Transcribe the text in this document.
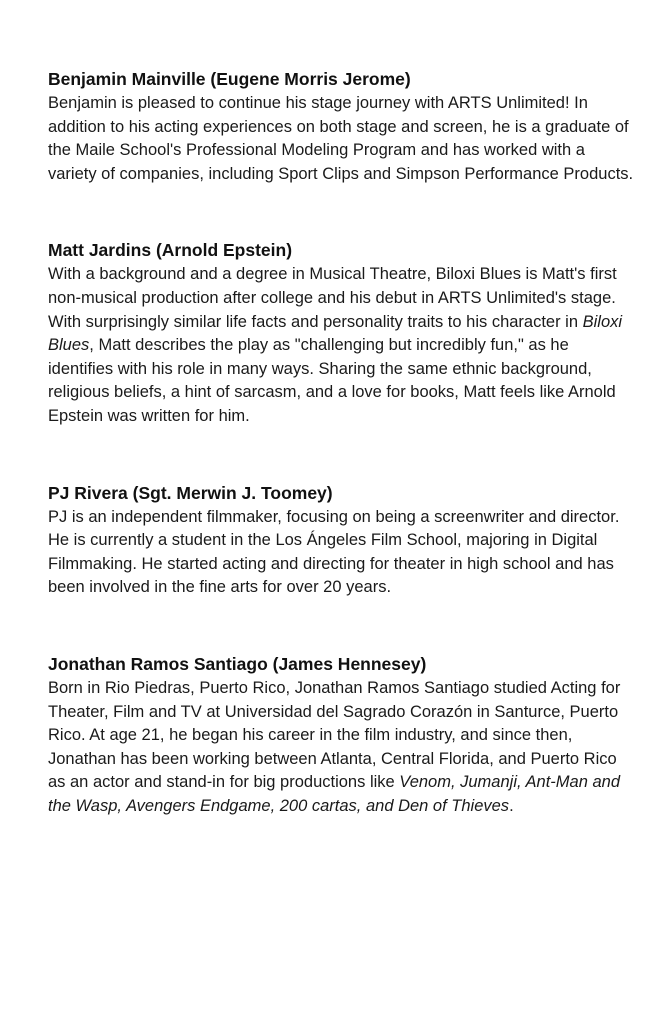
Benjamin Mainville (Eugene Morris Jerome)

Benjamin is pleased to continue his stage journey with ARTS Unlimited! In addition to his acting experiences on both stage and screen, he is a graduate of the Maile School's Professional Modeling Program and has worked with a variety of companies, including Sport Clips and Simpson Performance Products.

Matt Jardins (Arnold Epstein)

With a background and a degree in Musical Theatre, Biloxi Blues is Matt's first non-musical production after college and his debut in ARTS Unlimited's stage. With surprisingly similar life facts and personality traits to his character in Biloxi Blues, Matt describes the play as "challenging but incredibly fun," as he identifies with his role in many ways. Sharing the same ethnic background, religious beliefs, a hint of sarcasm, and a love for books, Matt feels like Arnold Epstein was written for him.

PJ Rivera (Sgt. Merwin J. Toomey)

PJ is an independent filmmaker, focusing on being a screenwriter and director. He is currently a student in the Los Ángeles Film School, majoring in Digital Filmmaking. He started acting and directing for theater in high school and has been involved in the fine arts for over 20 years.

Jonathan Ramos Santiago (James Hennesey)

Born in Rio Piedras, Puerto Rico, Jonathan Ramos Santiago studied Acting for Theater, Film and TV at Universidad del Sagrado Corazón in Santurce, Puerto Rico. At age 21, he began his career in the film industry, and since then, Jonathan has been working between Atlanta, Central Florida, and Puerto Rico as an actor and stand-in for big productions like Venom, Jumanji, Ant-Man and the Wasp, Avengers Endgame, 200 cartas, and Den of Thieves.
